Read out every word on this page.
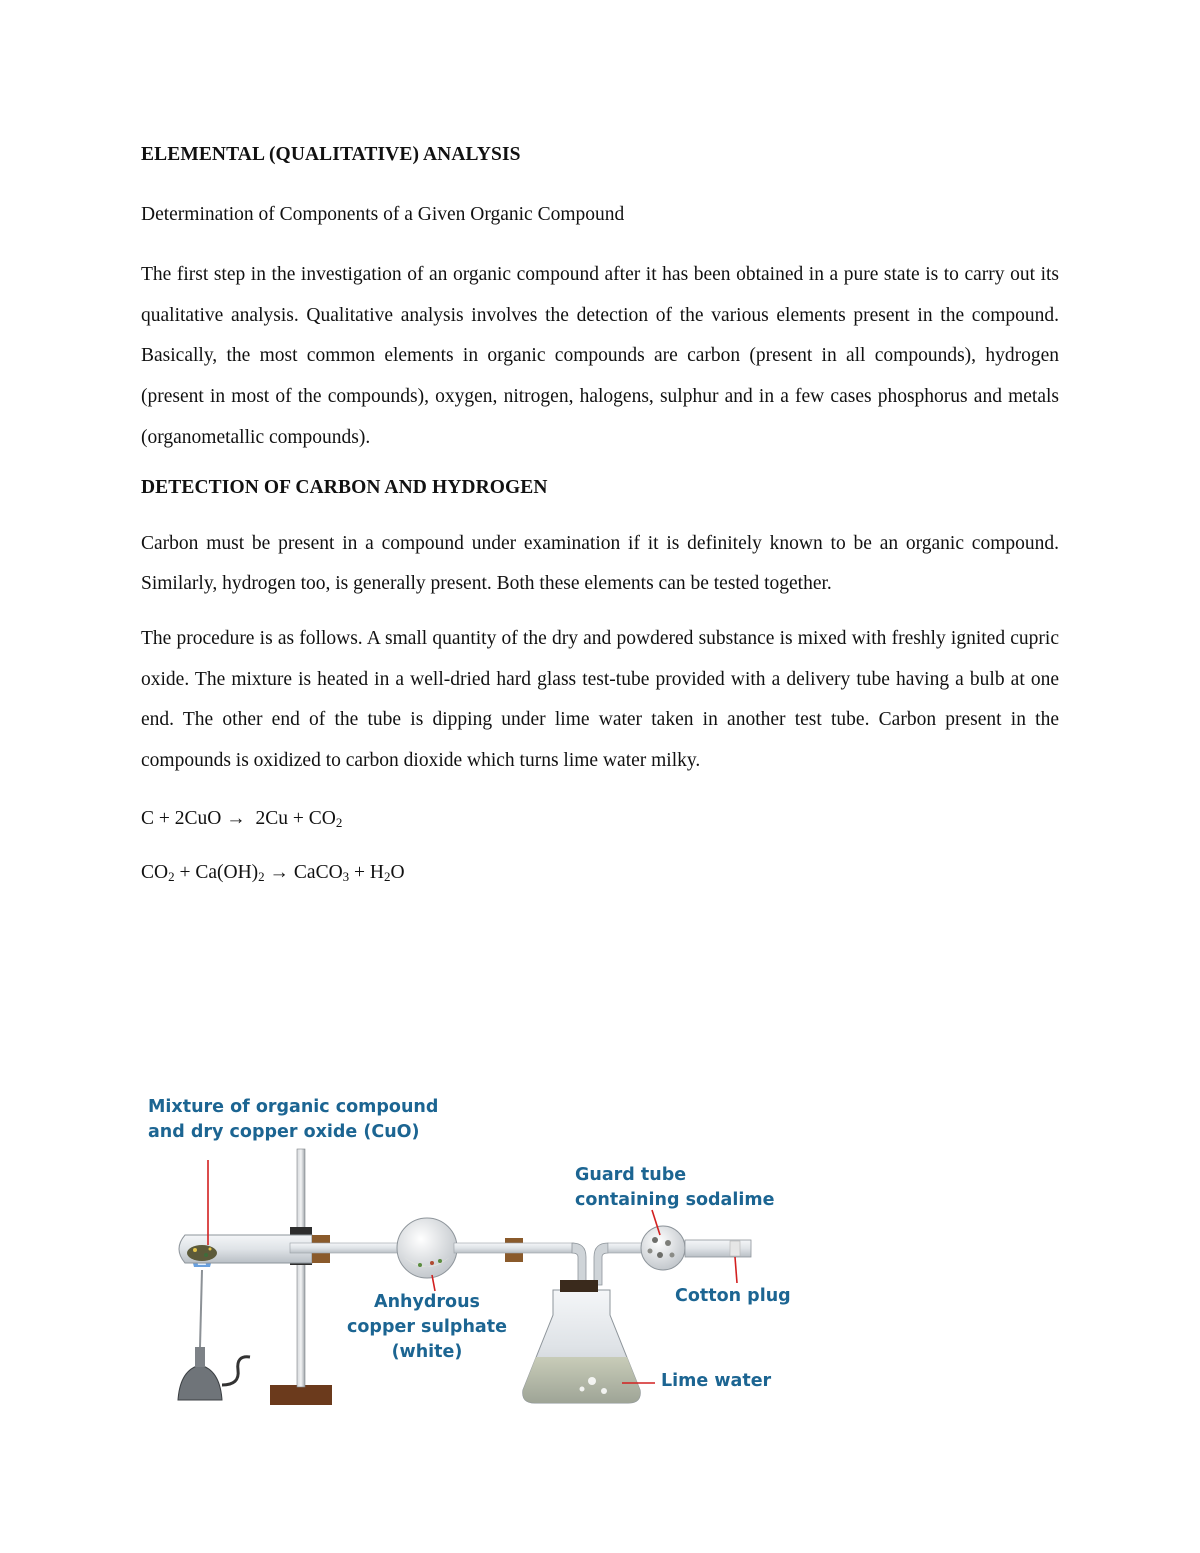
ELEMENTAL (QUALITATIVE) ANALYSIS

Determination of Components of a Given Organic Compound

The first step in the investigation of an organic compound after it has been obtained in a pure state is to carry out its qualitative analysis. Qualitative analysis involves the detection of the various elements present in the compound. Basically, the most common elements in organic compounds are carbon (present in all compounds), hydrogen (present in most of the compounds), oxygen, nitrogen, halogens, sulphur and in a few cases phosphorus and metals (organometallic compounds).

DETECTION OF CARBON AND HYDROGEN

Carbon must be present in a compound under examination if it is definitely known to be an organic compound. Similarly, hydrogen too, is generally present. Both these elements can be tested together.

The procedure is as follows. A small quantity of the dry and powdered substance is mixed with freshly ignited cupric oxide. The mixture is heated in a well-dried hard glass test-tube provided with a delivery tube having a bulb at one end. The other end of the tube is dipping under lime water taken in another test tube. Carbon present in the compounds is oxidized to carbon dioxide which turns lime water milky.

$C + 2CuO \to 2Cu + CO_2$

$CO_2 + Ca(OH)_2$ → CaCO$_3$ + $H_2O$

Mixture of organic compound
and dry copper oxide (CuO)
Guard tube
containing sodalime
Cotton plug
Anhydrous
copper sulphate
(white)
Lime water
